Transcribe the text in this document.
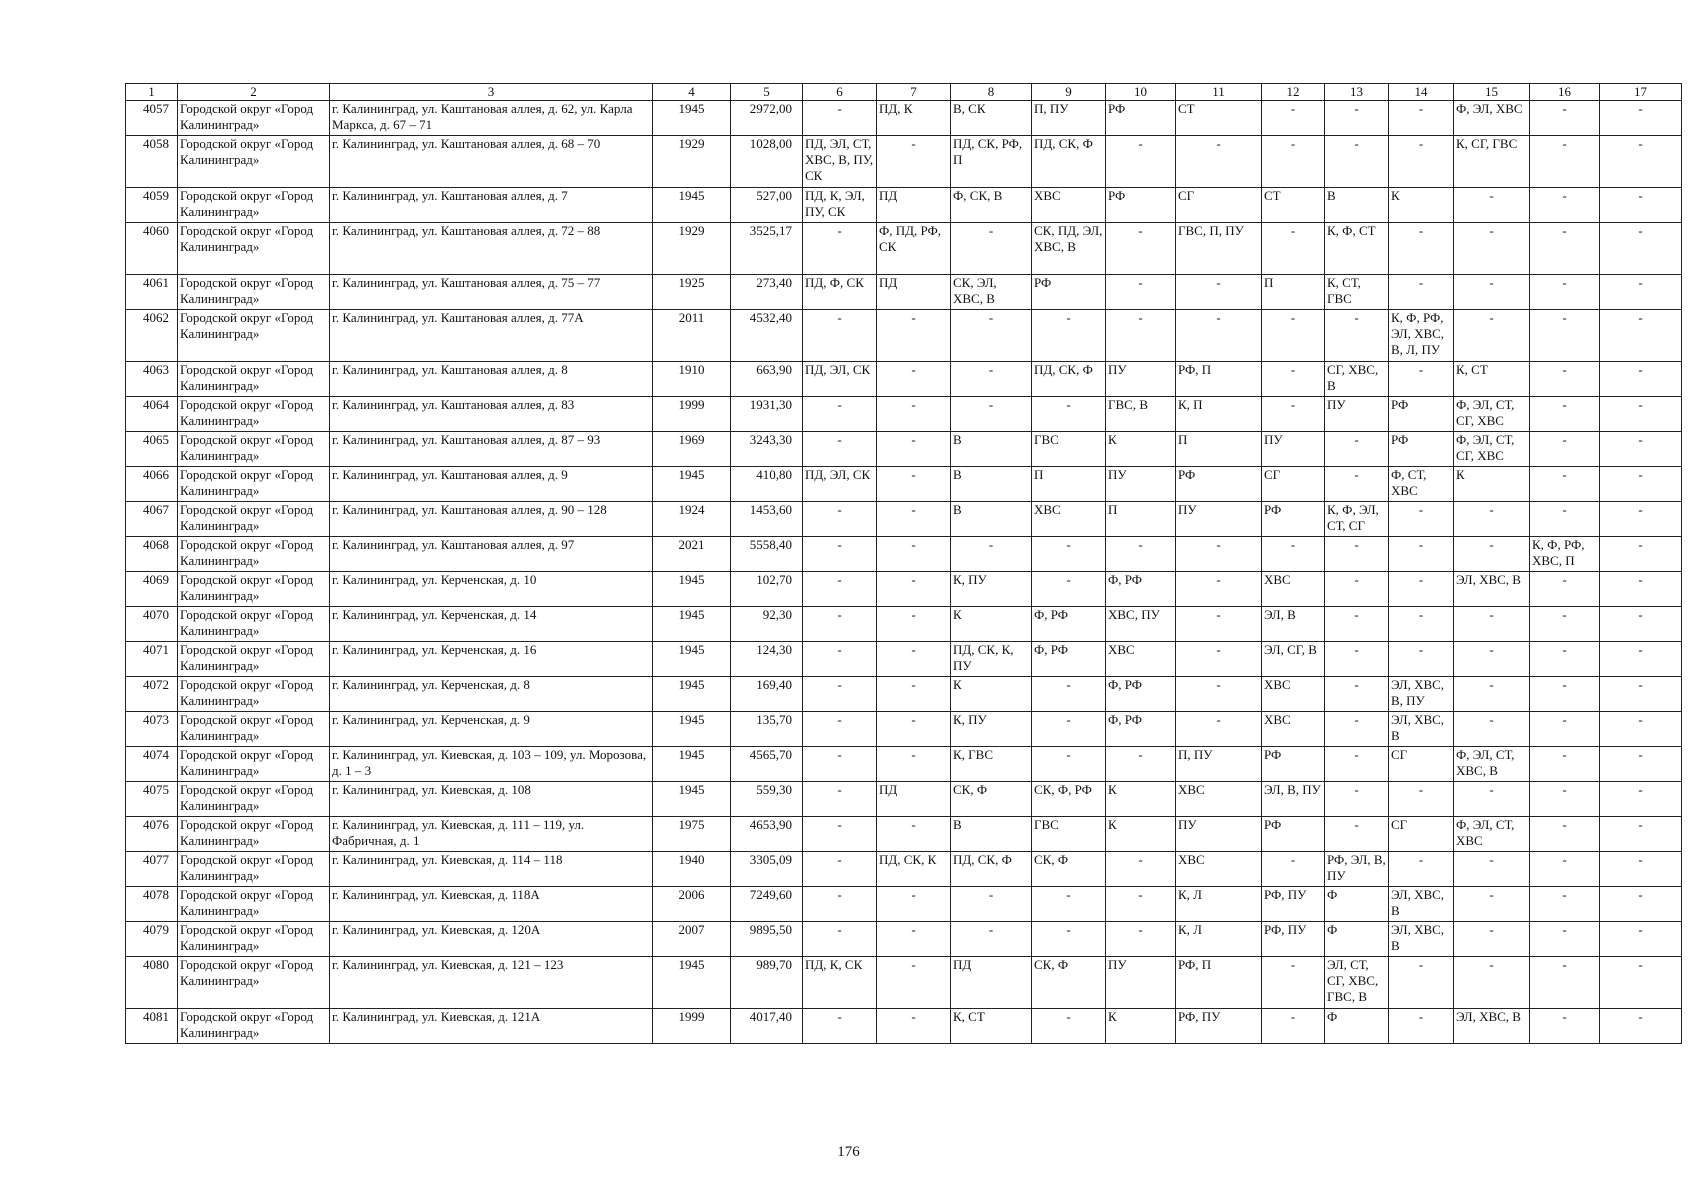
1	2	3	4	5	6	7	8	9	10	11	12	13	14	15	16	17
4057	Городской округ «Город Калининград»	г. Калининград, ул. Каштановая аллея, д. 62, ул. Карла Маркса, д. 67 – 71	1945	2972,00	-	ПД, К	В, СК	П, ПУ	РФ	СТ	-	-	-	Ф, ЭЛ, ХВС	-	-
4058	Городской округ «Город Калининград»	г. Калининград, ул. Каштановая аллея, д. 68 – 70	1929	1028,00	ПД, ЭЛ, СТ, ХВС, В, ПУ, СК	-	ПД, СК, РФ, П	ПД, СК, Ф	-	-	-	-	-	К, СГ, ГВС	-	-
4059	Городской округ «Город Калининград»	г. Калининград, ул. Каштановая аллея, д. 7	1945	527,00	ПД, К, ЭЛ, ПУ, СК	ПД	Ф, СК, В	ХВС	РФ	СГ	СТ	В	К	-	-	-
4060	Городской округ «Город Калининград»	г. Калининград, ул. Каштановая аллея, д. 72 – 88	1929	3525,17	-	Ф, ПД, РФ, СК	-	СК, ПД, ЭЛ, ХВС, В	-	ГВС, П, ПУ	-	К, Ф, СТ	-	-	-	-
4061	Городской округ «Город Калининград»	г. Калининград, ул. Каштановая аллея, д. 75 – 77	1925	273,40	ПД, Ф, СК	ПД	СК, ЭЛ, ХВС, В	РФ	-	-	П	К, СТ, ГВС	-	-	-	-
4062	Городской округ «Город Калининград»	г. Калининград, ул. Каштановая аллея, д. 77А	2011	4532,40	-	-	-	-	-	-	-	-	К, Ф, РФ, ЭЛ, ХВС, В, Л, ПУ	-	-	-
4063	Городской округ «Город Калининград»	г. Калининград, ул. Каштановая аллея, д. 8	1910	663,90	ПД, ЭЛ, СК	-	-	ПД, СК, Ф	ПУ	РФ, П	-	СГ, ХВС, В	-	К, СТ	-	-
4064	Городской округ «Город Калининград»	г. Калининград, ул. Каштановая аллея, д. 83	1999	1931,30	-	-	-	-	ГВС, В	К, П	-	ПУ	РФ	Ф, ЭЛ, СТ, СГ, ХВС	-	-
4065	Городской округ «Город Калининград»	г. Калининград, ул. Каштановая аллея, д. 87 – 93	1969	3243,30	-	-	В	ГВС	К	П	ПУ	-	РФ	Ф, ЭЛ, СТ, СГ, ХВС	-	-
4066	Городской округ «Город Калининград»	г. Калининград, ул. Каштановая аллея, д. 9	1945	410,80	ПД, ЭЛ, СК	-	В	П	ПУ	РФ	СГ	-	Ф, СТ, ХВС	К	-	-
4067	Городской округ «Город Калининград»	г. Калининград, ул. Каштановая аллея, д. 90 – 128	1924	1453,60	-	-	В	ХВС	П	ПУ	РФ	К, Ф, ЭЛ, СТ, СГ	-	-	-	-
4068	Городской округ «Город Калининград»	г. Калининград, ул. Каштановая аллея, д. 97	2021	5558,40	-	-	-	-	-	-	-	-	-	-	К, Ф, РФ, ХВС, П	-
4069	Городской округ «Город Калининград»	г. Калининград, ул. Керченская, д. 10	1945	102,70	-	-	К, ПУ	-	Ф, РФ	-	ХВС	-	-	ЭЛ, ХВС, В	-	-
4070	Городской округ «Город Калининград»	г. Калининград, ул. Керченская, д. 14	1945	92,30	-	-	К	Ф, РФ	ХВС, ПУ	-	ЭЛ, В	-	-	-	-	-
4071	Городской округ «Город Калининград»	г. Калининград, ул. Керченская, д. 16	1945	124,30	-	-	ПД, СК, К, ПУ	Ф, РФ	ХВС	-	ЭЛ, СГ, В	-	-	-	-	-
4072	Городской округ «Город Калининград»	г. Калининград, ул. Керченская, д. 8	1945	169,40	-	-	К	-	Ф, РФ	-	ХВС	-	ЭЛ, ХВС, В, ПУ	-	-	-
4073	Городской округ «Город Калининград»	г. Калининград, ул. Керченская, д. 9	1945	135,70	-	-	К, ПУ	-	Ф, РФ	-	ХВС	-	ЭЛ, ХВС, В	-	-	-
4074	Городской округ «Город Калининград»	г. Калининград, ул. Киевская, д. 103 – 109, ул. Морозова, д. 1 – 3	1945	4565,70	-	-	К, ГВС	-	-	П, ПУ	РФ	-	СГ	Ф, ЭЛ, СТ, ХВС, В	-	-
4075	Городской округ «Город Калининград»	г. Калининград, ул. Киевская, д. 108	1945	559,30	-	ПД	СК, Ф	СК, Ф, РФ	К	ХВС	ЭЛ, В, ПУ	-	-	-	-	-
4076	Городской округ «Город Калининград»	г. Калининград, ул. Киевская, д. 111 – 119, ул. Фабричная, д. 1	1975	4653,90	-	-	В	ГВС	К	ПУ	РФ	-	СГ	Ф, ЭЛ, СТ, ХВС	-	-
4077	Городской округ «Город Калининград»	г. Калининград, ул. Киевская, д. 114 – 118	1940	3305,09	-	ПД, СК, К	ПД, СК, Ф	СК, Ф	-	ХВС	-	РФ, ЭЛ, В, ПУ	-	-	-	-
4078	Городской округ «Город Калининград»	г. Калининград, ул. Киевская, д. 118А	2006	7249,60	-	-	-	-	-	К, Л	РФ, ПУ	Ф	ЭЛ, ХВС, В	-	-	-
4079	Городской округ «Город Калининград»	г. Калининград, ул. Киевская, д. 120А	2007	9895,50	-	-	-	-	-	К, Л	РФ, ПУ	Ф	ЭЛ, ХВС, В	-	-	-
4080	Городской округ «Город Калининград»	г. Калининград, ул. Киевская, д. 121 – 123	1945	989,70	ПД, К, СК	-	ПД	СК, Ф	ПУ	РФ, П	-	ЭЛ, СТ, СГ, ХВС, ГВС, В	-	-	-	-
4081	Городской округ «Город Калининград»	г. Калининград, ул. Киевская, д. 121А	1999	4017,40	-	-	К, СТ	-	К	РФ, ПУ	-	Ф	-	ЭЛ, ХВС, В	-	-
176
